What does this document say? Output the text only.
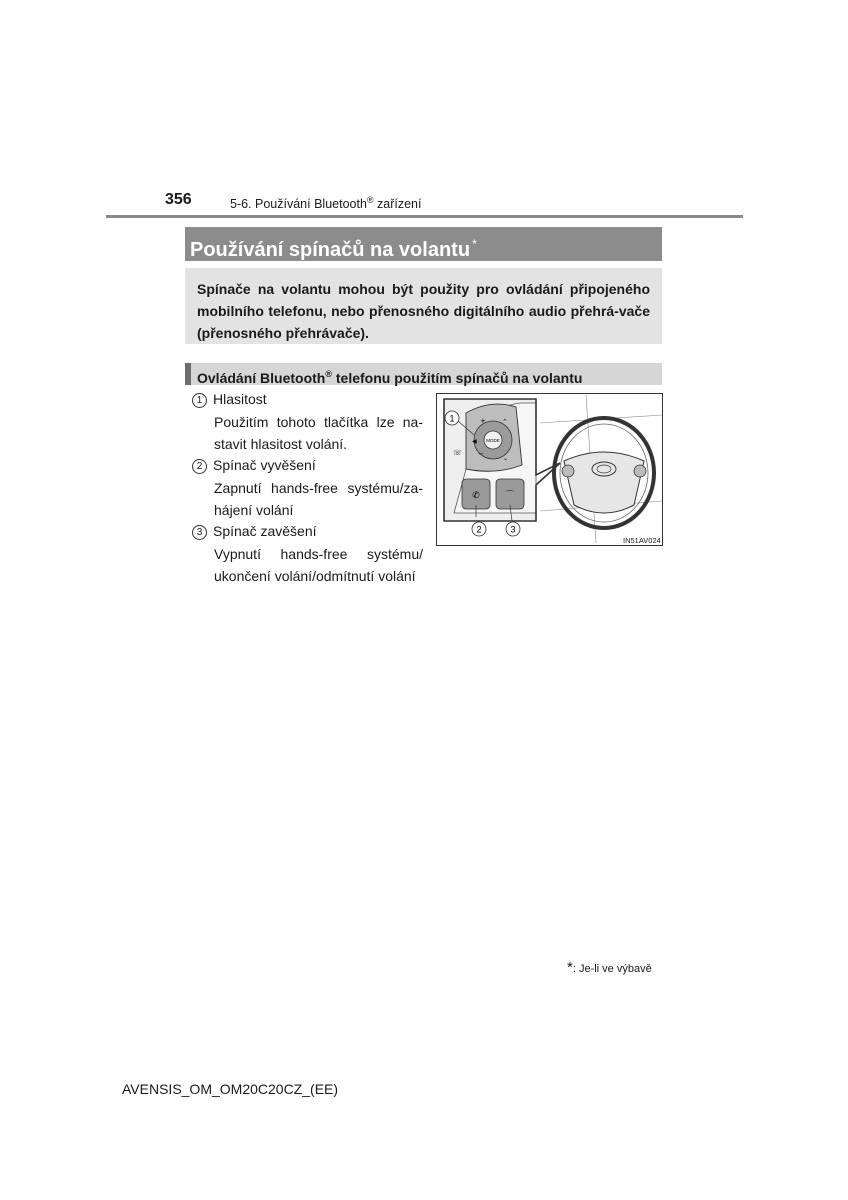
356	5-6. Používání Bluetooth® zařízení
Používání spínačů na volantu *
Spínače na volantu mohou být použity pro ovládání připojeného mobilního telefonu, nebo přenosného digitálního audio přehrá-vače (přenosného přehrávače).
Ovládání Bluetooth® telefonu použitím spínačů na volantu
1 Hlasitost
Použitím tohoto tlačítka lze na-stavit hlasitost volání.
2 Spínač vyvěšení
Zapnutí hands-free systému/za-hájení volání
3 Spínač zavěšení
Vypnutí hands-free systému/ ukončení volání/odmítnutí volání
MODE
+
−
⌃
⌄
☏
◀
✆	⌒
1
2	3
IN51AV024
*: Je-li ve výbavě
AVENSIS_OM_OM20C20CZ_(EE)
